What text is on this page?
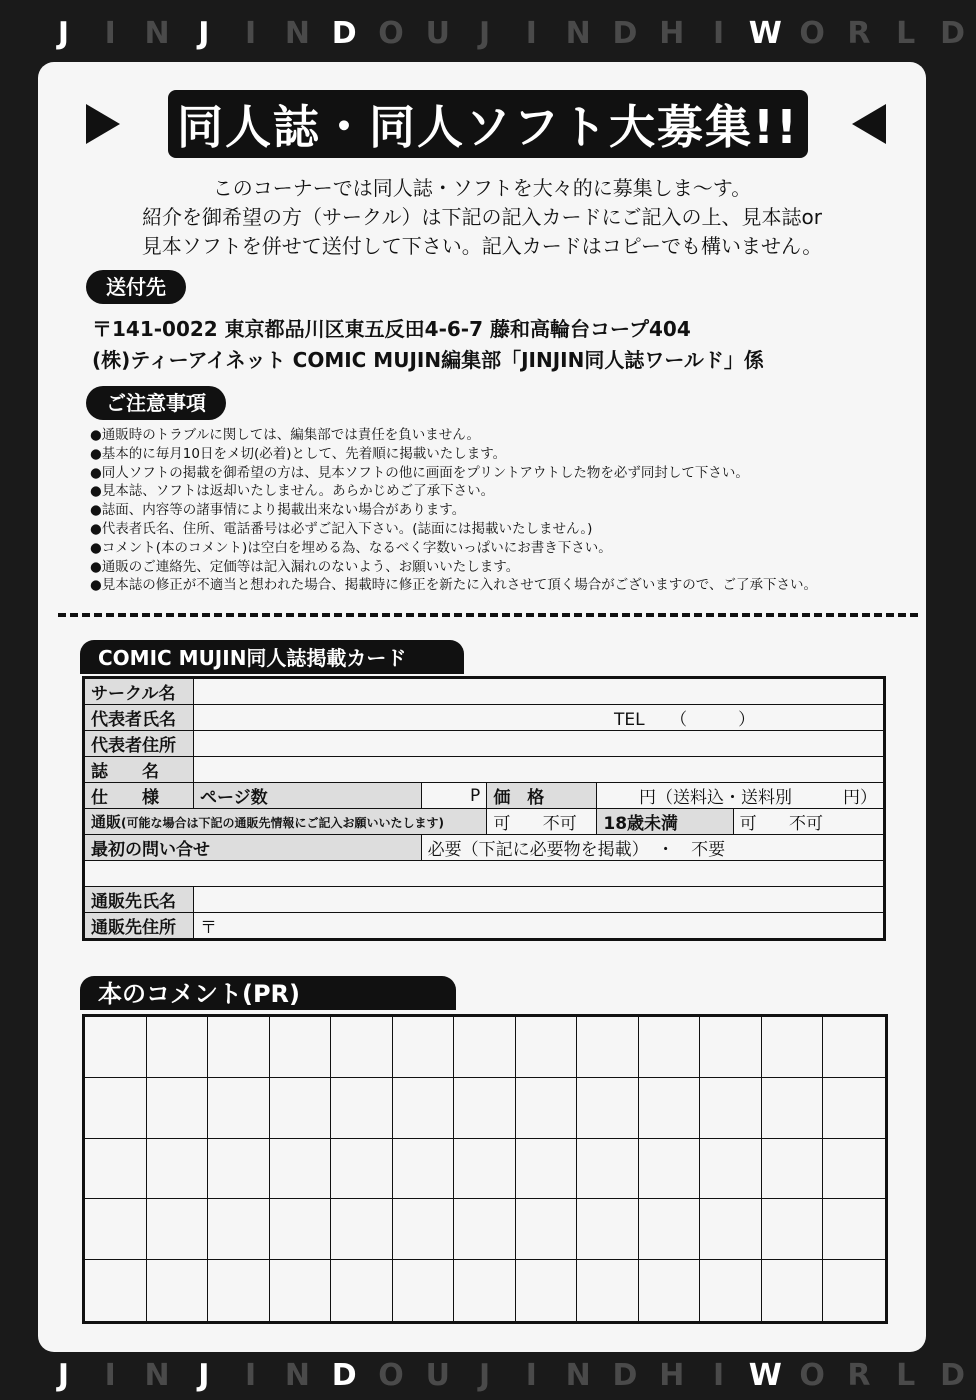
J	I N J	I N D O U J	I N D H I W O R L D
同人誌・同人ソフト大募集!!
このコーナーでは同人誌・ソフトを大々的に募集しま～す。
紹介を御希望の方（サークル）は下記の記入カードにご記入の上、見本誌or
見本ソフトを併せて送付して下さい。記入カードはコピーでも構いません。
送付先
〒141-0022 東京都品川区東五反田4-6-7 藤和高輪台コープ404
(株)ティーアイネット COMIC MUJIN編集部「JINJIN同人誌ワールド」係
ご注意事項
●通販時のトラブルに関しては、編集部では責任を負いません。
●基本的に毎月10日をメ切(必着)として、先着順に掲載いたします。
●同人ソフトの掲載を御希望の方は、見本ソフトの他に画面をプリントアウトした物を必ず同封して下さい。
●見本誌、ソフトは返却いたしません。あらかじめご了承下さい。
●誌面、内容等の諸事情により掲載出来ない場合があります。
●代表者氏名、住所、電話番号は必ずご記入下さい。(誌面には掲載いたしません。)
●コメント(本のコメント)は空白を埋める為、なるべく字数いっぱいにお書き下さい。
●通販のご連絡先、定価等は記入漏れのないよう、お願いいたします。
●見本誌の修正が不適当と想われた場合、掲載時に修正を新たに入れさせて頂く場合がございますので、ご了承下さい。
COMIC MUJIN同人誌掲載カード
サークル名					
代表者氏名	TEL　　（　　　）				
代表者住所					
誌　　名					
仕　　様	ページ数	P	価　格	円（送料込・送料別　　　円）	
通販(可能な場合は下記の通販先情報にご記入お願いいたします)			可 不可	18歳未満	可 不可
最初の問い合せ		必要（下記に必要物を掲載）　・　不要			

通販先氏名					
通販先住所	〒				
本のコメント(PR)
J	I N J	I N D O U J	I N D H I W O R L D
